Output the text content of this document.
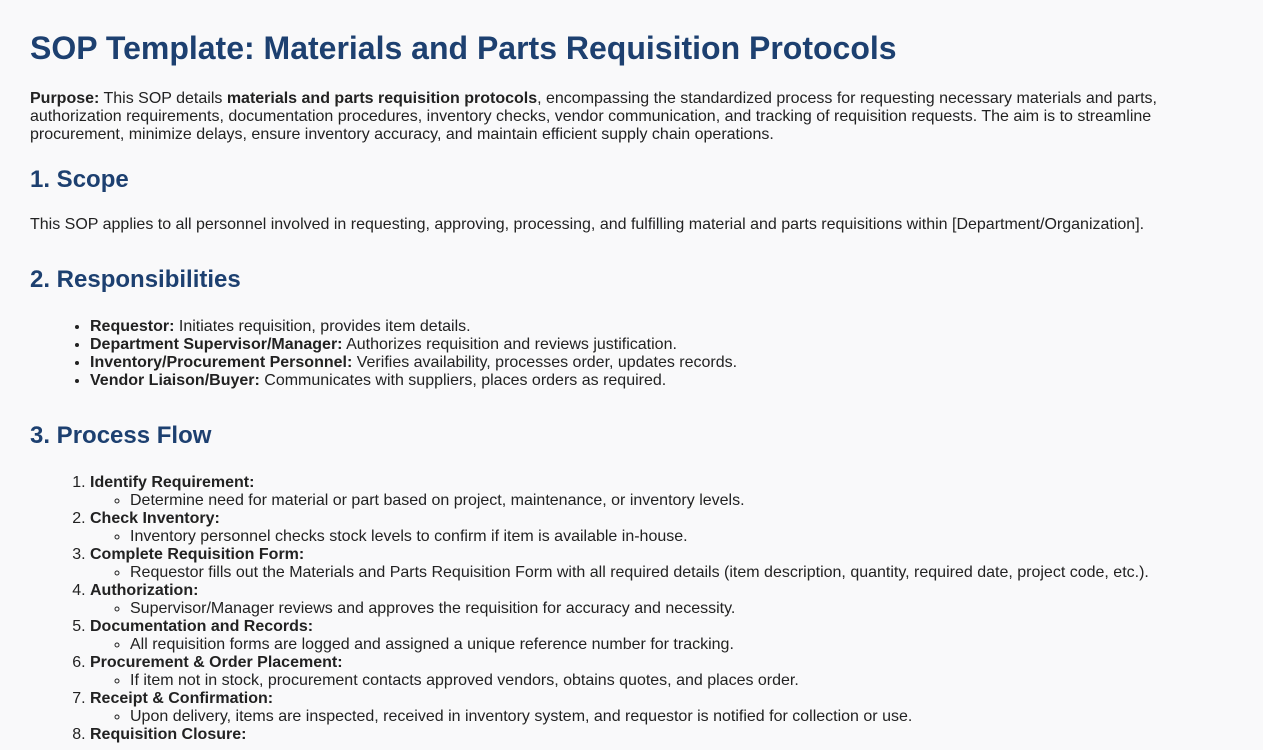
SOP Template: Materials and Parts Requisition Protocols

Purpose: This SOP details materials and parts requisition protocols, encompassing the standardized process for requesting necessary materials and parts, authorization requirements, documentation procedures, inventory checks, vendor communication, and tracking of requisition requests. The aim is to streamline procurement, minimize delays, ensure inventory accuracy, and maintain efficient supply chain operations.

1. Scope

This SOP applies to all personnel involved in requesting, approving, processing, and fulfilling material and parts requisitions within [Department/Organization].

2. Responsibilities
• Requestor: Initiates requisition, provides item details.
• Department Supervisor/Manager: Authorizes requisition and reviews justification.
• Inventory/Procurement Personnel: Verifies availability, processes order, updates records.
• Vendor Liaison/Buyer: Communicates with suppliers, places orders as required.
3. Process Flow
1. Identify Requirement:
◦ Determine need for material or part based on project, maintenance, or inventory levels.
2. Check Inventory:
◦ Inventory personnel checks stock levels to confirm if item is available in-house.
3. Complete Requisition Form:
◦ Requestor fills out the Materials and Parts Requisition Form with all required details (item description, quantity, required date, project code, etc.).
4. Authorization:
◦ Supervisor/Manager reviews and approves the requisition for accuracy and necessity.
5. Documentation and Records:
◦ All requisition forms are logged and assigned a unique reference number for tracking.
6. Procurement & Order Placement:
◦ If item not in stock, procurement contacts approved vendors, obtains quotes, and places order.
7. Receipt & Confirmation:
◦ Upon delivery, items are inspected, received in inventory system, and requestor is notified for collection or use.
8. Requisition Closure:
